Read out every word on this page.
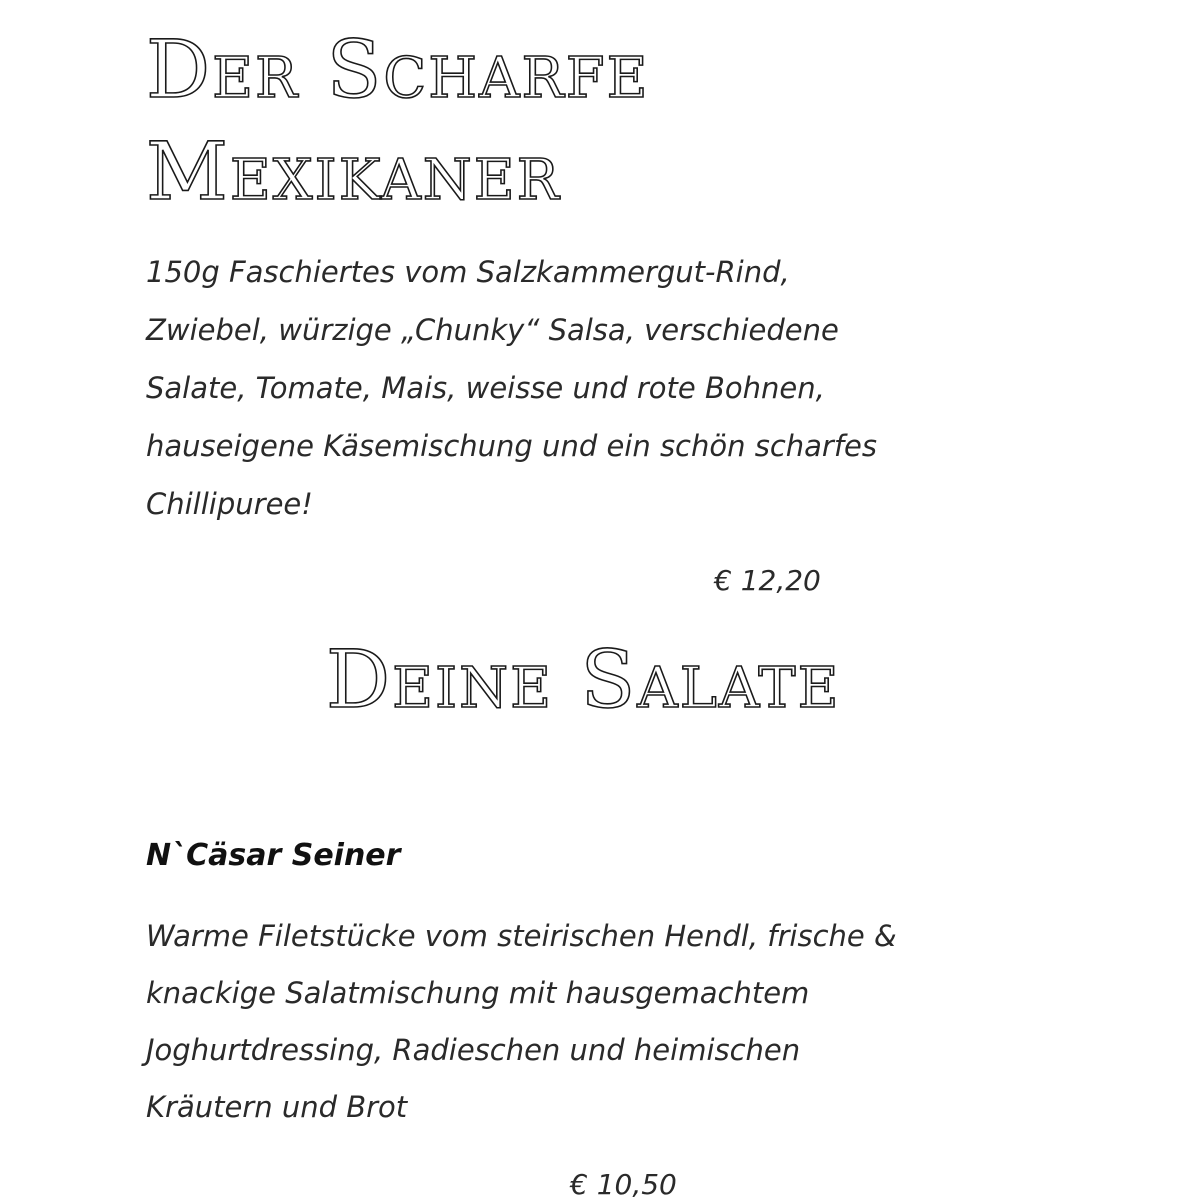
Der Scharfe
Mexikaner
150g Faschiertes vom Salzkammergut-Rind,
Zwiebel, würzige „Chunky“ Salsa, verschiedene
Salate, Tomate, Mais, weisse und rote Bohnen,
hauseigene Käsemischung und ein schön scharfes
Chillipuree!
€ 12,20
Deine Salate
N`Cäsar Seiner
Warme Filetstücke vom steirischen Hendl, frische &
knackige Salatmischung mit hausgemachtem
Joghurtdressing, Radieschen und heimischen
Kräutern und Brot
€ 10,50
